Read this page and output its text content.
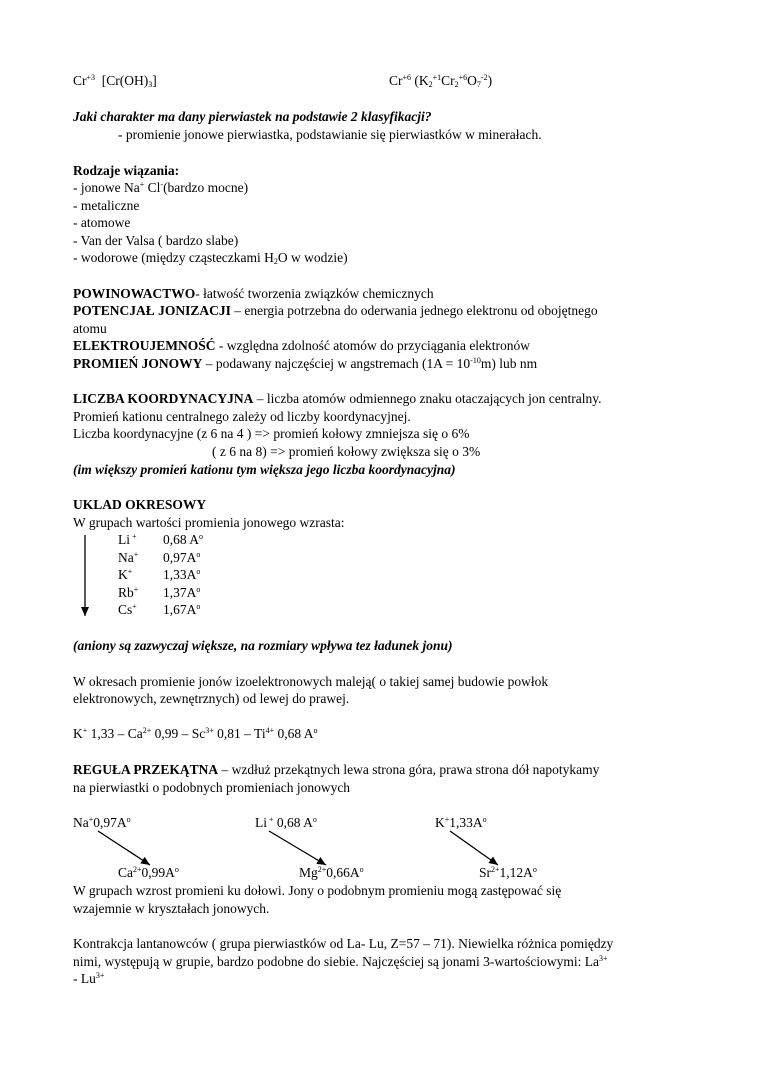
$Cr^{+3}$ $[Cr(OH)_3]$	$Cr^{+6}$ $(K_2^{+1}Cr_2^{+6}O_7^{-2})$
Jaki charakter ma dany pierwiastek na podstawie 2 klasyfikacji?
- promienie jonowe pierwiastka, podstawianie się pierwiastków w minerałach.
Rodzaje wiązania:
- jonowe Na+ Cl-(bardzo mocne)
- metaliczne
- atomowe
- Van der Valsa ( bardzo slabe)
- wodorowe (między cząsteczkami $H_2O$ w wodzie)
POWINOWACTWO- łatwość tworzenia związków chemicznych
POTENCJAŁ JONIZACJI – energia potrzebna do oderwania jednego elektronu od obojętnego
atomu
ELEKTROUJEMNOŚĆ - względna zdolność atomów do przyciągania elektronów
PROMIEŃ JONOWY – podawany najczęściej w angstremach $(1A = 10^{-10}m)$ lub nm
LICZBA KOORDYNACYJNA – liczba atomów odmiennego znaku otaczających jon centralny.
Promień kationu centralnego zależy od liczby koordynacyjnej.
Liczba koordynacyjne (z 6 na 4 ) => promień kołowy zmniejsza się o 6%
( z 6 na 8) => promień kołowy zwiększa się o 3%
(im większy promień kationu tym większa jego liczba koordynacyjna)
UKLAD OKRESOWY
W grupach wartości promienia jonowego wzrasta:
Li + 0,68 $A^o$
Na+ $0,97A^o$
K+ $1,33A^o$
Rb+ $1,37A^o$
Cs+ $1,67A^o$
(aniony są zazwyczaj większe, na rozmiary wpływa tez ładunek jonu)
W okresach promienie jonów izoelektronowych maleją( o takiej samej budowie powłok
elektronowych, zewnętrznych) od lewej do prawej.
K+ $1,33 - Ca^{2+}$ $0,99 - Sc^{3+}$ $0,81 - Ti^{4+}$ 0,68 $A^o$
REGUŁA PRZEKĄTNA – wzdłuż przekątnych lewa strona góra, prawa strona dół napotykamy
na pierwiastki o podobnych promieniach jonowych
$Na^+0,97A^o$	Li + 0,68 $A^o$	$K^+1,33A^o$
$Ca^{2+}0,99A^o$	$Mg^{2+}0,66A^o$	$Sr^{2+}1,12A^o$
W grupach wzrost promieni ku dołowi. Jony o podobnym promieniu mogą zastępować się
wzajemnie w kryształach jonowych.
Kontrakcja lantanowców ( grupa pierwiastków od La- Lu, Z=57 – 71). Niewielka różnica pomiędzy
nimi, występują w grupie, bardzo podobne do siebie. Najczęściej są jonami 3-wartościowymi: $La^{3+}$
- $Lu^{3+}$
